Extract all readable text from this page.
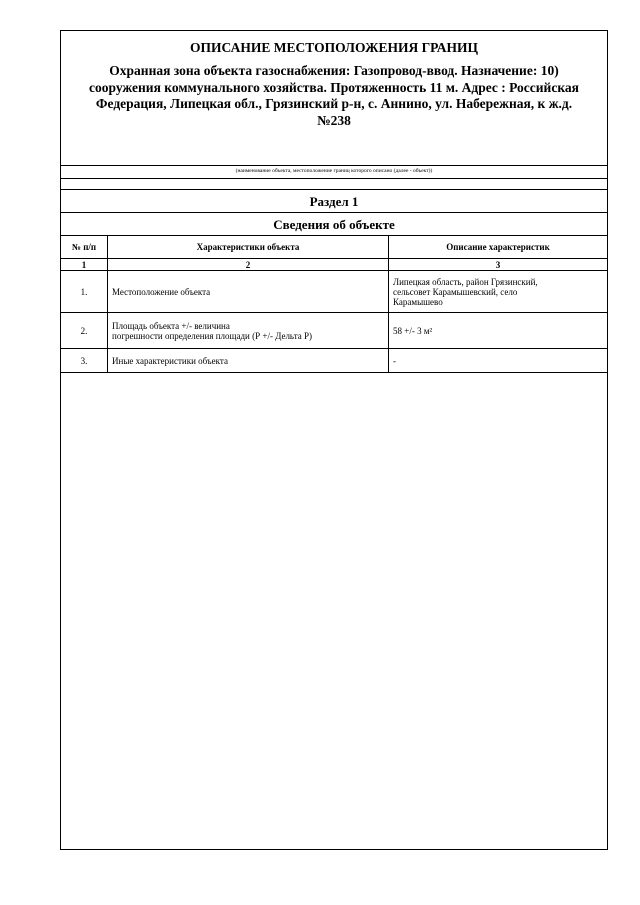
ОПИСАНИЕ МЕСТОПОЛОЖЕНИЯ ГРАНИЦ
Охранная зона объекта газоснабжения: Газопровод-ввод. Назначение: 10)
сооружения коммунального хозяйства. Протяженность 11 м. Адрес : Российская
Федерация, Липецкая обл., Грязинский р-н, с. Аннино, ул. Набережная, к ж.д.
№238
(наименование объекта, местоположение границ которого описано (далее - объект))
Раздел 1
Сведения об объекте
№ п/п	Характеристики объекта	Описание характеристик
1	2	3
1.	Местоположение объекта	Липецкая область, район Грязинский,
сельсовет Карамышевский, село
Карамышево

2.	Площадь объекта +/- величина
погрешности определения площади (Р +/- Дельта Р)	58 +/- 3 м²
3.	Иные характеристики объекта	-
